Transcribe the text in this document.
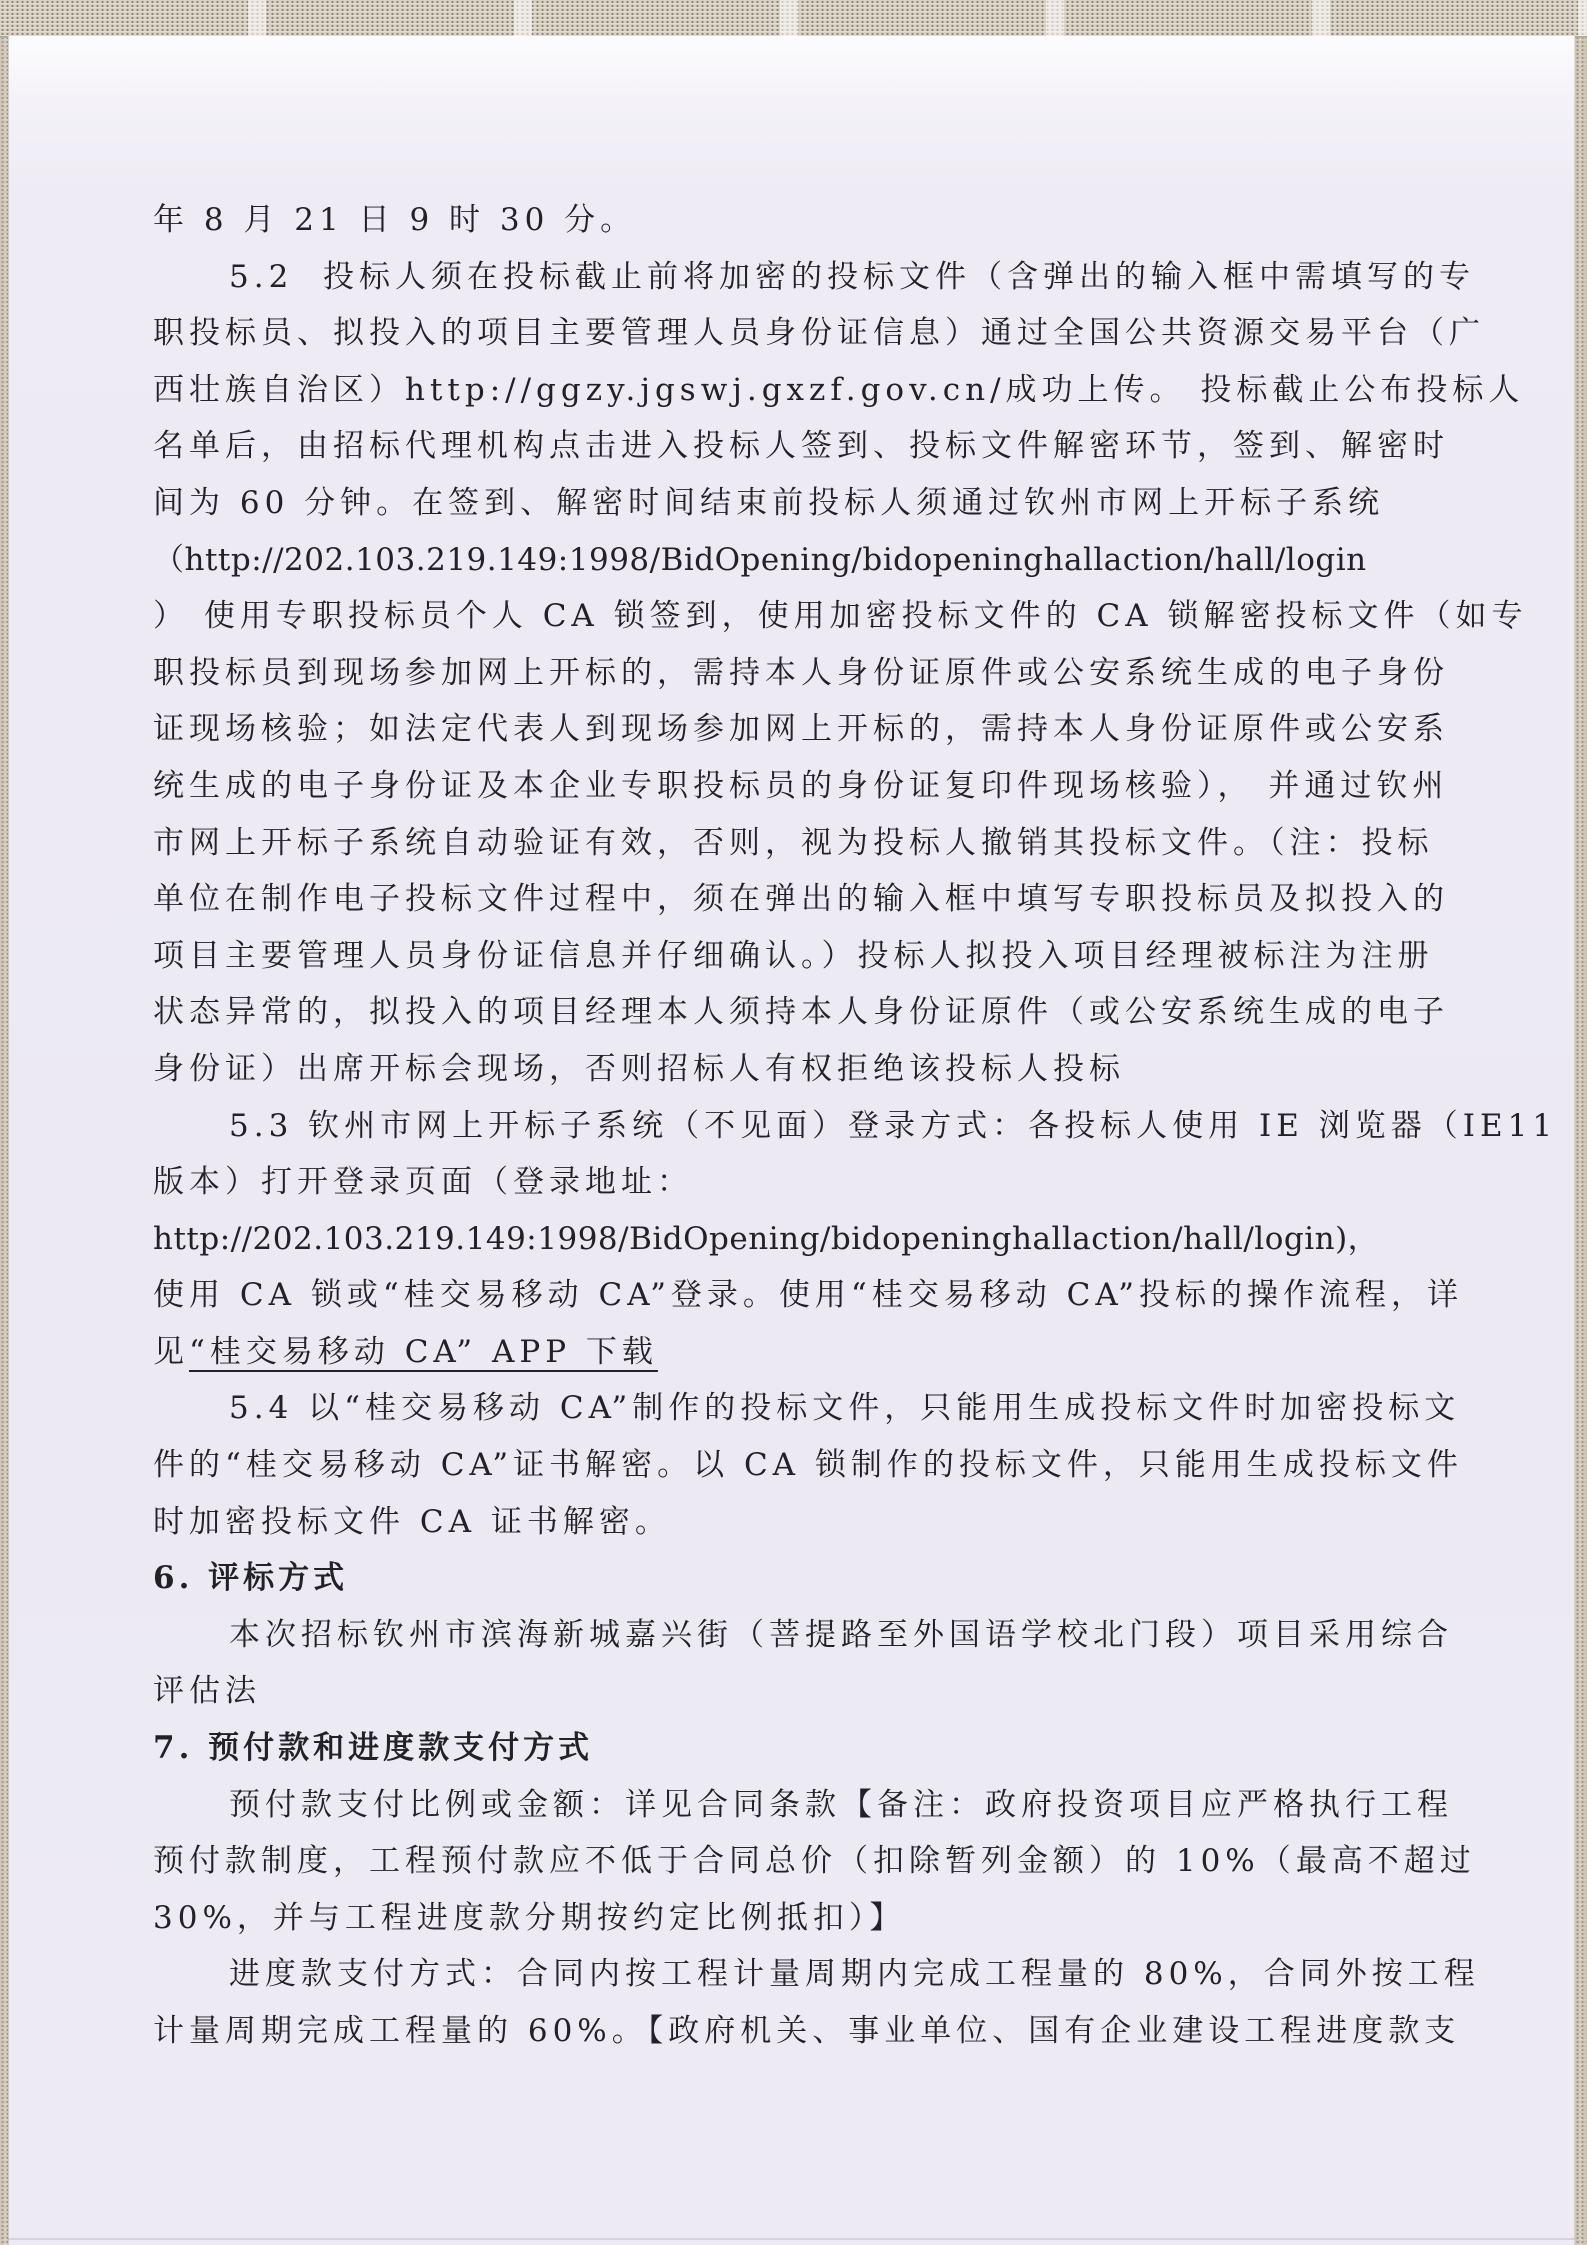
年 8 月 21 日 9 时 30 分。
5.2  投标人须在投标截止前将加密的投标文件（含弹出的输入框中需填写的专
职投标员、拟投入的项目主要管理人员身份证信息）通过全国公共资源交易平台（广
西壮族自治区）http://ggzy.jgswj.gxzf.gov.cn/成功上传。 投标截止公布投标人
名单后，由招标代理机构点击进入投标人签到、投标文件解密环节，签到、解密时
间为 60 分钟。在签到、解密时间结束前投标人须通过钦州市网上开标子系统
（http://202.103.219.149:1998/BidOpening/bidopeninghallaction/hall/login
） 使用专职投标员个人 CA 锁签到，使用加密投标文件的 CA 锁解密投标文件（如专
职投标员到现场参加网上开标的，需持本人身份证原件或公安系统生成的电子身份
证现场核验；如法定代表人到现场参加网上开标的，需持本人身份证原件或公安系
统生成的电子身份证及本企业专职投标员的身份证复印件现场核验）， 并通过钦州
市网上开标子系统自动验证有效，否则，视为投标人撤销其投标文件。（注：投标
单位在制作电子投标文件过程中，须在弹出的输入框中填写专职投标员及拟投入的
项目主要管理人员身份证信息并仔细确认。）投标人拟投入项目经理被标注为注册
状态异常的，拟投入的项目经理本人须持本人身份证原件（或公安系统生成的电子
身份证）出席开标会现场，否则招标人有权拒绝该投标人投标
5.3 钦州市网上开标子系统（不见面）登录方式：各投标人使用 IE 浏览器（IE11
版本）打开登录页面（登录地址：
http://202.103.219.149:1998/BidOpening/bidopeninghallaction/hall/login)，
使用 CA 锁或“桂交易移动 CA”登录。使用“桂交易移动 CA”投标的操作流程，详
见“桂交易移动 CA” APP 下载
5.4 以“桂交易移动 CA”制作的投标文件，只能用生成投标文件时加密投标文
件的“桂交易移动 CA”证书解密。以 CA 锁制作的投标文件，只能用生成投标文件
时加密投标文件 CA 证书解密。
6. 评标方式
本次招标钦州市滨海新城嘉兴街（菩提路至外国语学校北门段）项目采用综合
评估法
7. 预付款和进度款支付方式
预付款支付比例或金额：详见合同条款【备注：政府投资项目应严格执行工程
预付款制度，工程预付款应不低于合同总价（扣除暂列金额）的 10%（最高不超过
30%，并与工程进度款分期按约定比例抵扣）】
进度款支付方式：合同内按工程计量周期内完成工程量的 80%，合同外按工程
计量周期完成工程量的 60%。【政府机关、事业单位、国有企业建设工程进度款支
